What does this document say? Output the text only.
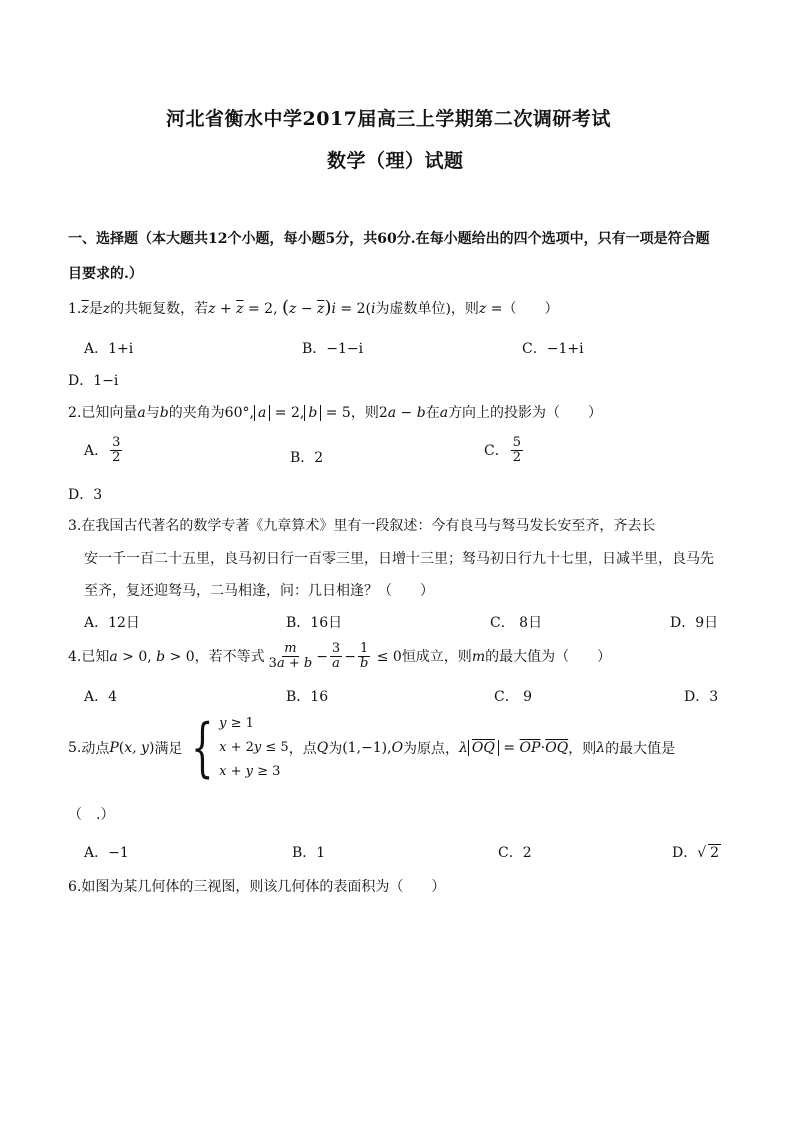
河北省衡水中学2017届高三上学期第二次调研考试
数学（理）试题
一、选择题（本大题共12个小题，每小题5分，共60分.在每小题给出的四个选项中，只有一项是符合题
目要求的.）
$1.\overline{z}$是z的共轭复数，若$z + \overline{z} = 2$, $(z - \overline{z})i = 2(i$为虚数单位)，则z =（　　）
A．1+i	B．−1−i	C．−1+i
D．1−i
2.已知向量a与b的夹角为60°, a = 2, b = 5，则2a − b在a方向上的投影为（　　）
A． $\frac{3}{2}$	B．2	C． $\frac{5}{2}$
D．3
3.在我国古代著名的数学专著《九章算术》里有一段叙述：今有良马与驽马发长安至齐，齐去长
安一千一百二十五里，良马初日行一百零三里，日增十三里；驽马初日行九十七里，日减半里，良马先
至齐，复还迎驽马，二马相逢，问：几日相逢？（　　）
A．12日	B．16日	C． 8日	D．9日
4.已知a > 0, b > 0，若不等式 $\frac{m}{3a + b} - \frac{3}{a} - \frac{1}{b} \le 0$恒成立，则m的最大值为（　　）
A．4	B．16	C． 9	D．3
5. 动点 P(x, y) 满足 { y ≥ 1
x + 2y ≤ 5
x + y ≥ 3
，点 Q 为 (1,−1),O 为原点， λ $\overline{OQ} = \overline{OP}\cdot\overline{OQ}$ ，则 λ 的最大值是
（　.）
A．−1	B．1	C．2	D．√ 2
6.如图为某几何体的三视图，则该几何体的表面积为（　　）
